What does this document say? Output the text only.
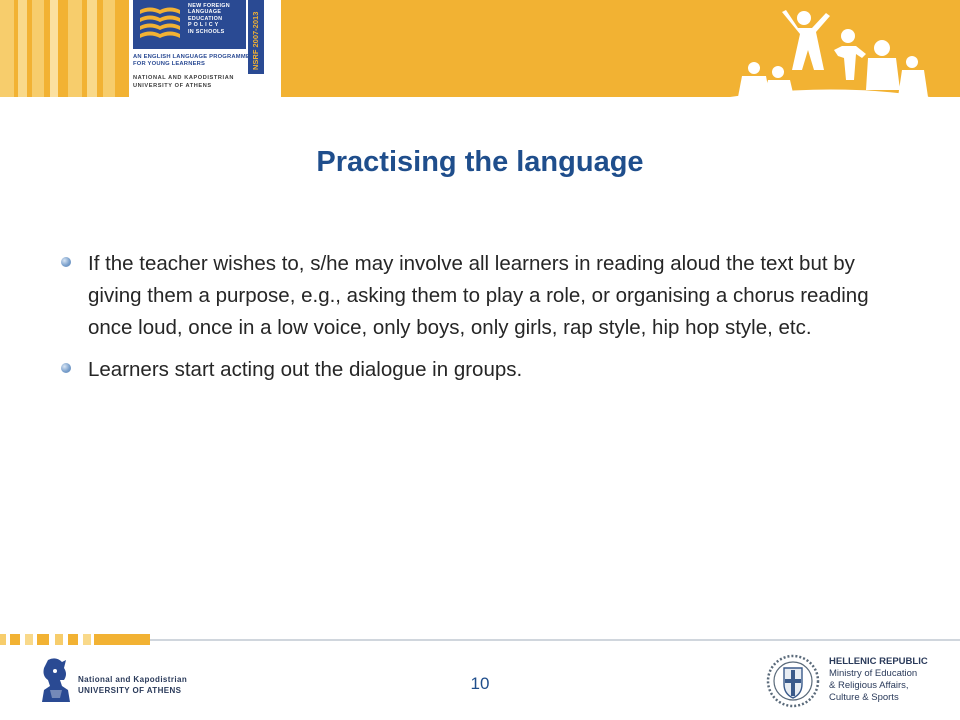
NEW FOREIGN
LANGUAGE
EDUCATION
P O L I C Y
IN SCHOOLS	NSRF 2007-2013
AN ENGLISH LANGUAGE PROGRAMME
FOR YOUNG LEARNERS
NATIONAL AND KAPODISTRIAN
UNIVERSITY OF ATHENS
Practising the language
If the teacher wishes to, s/he may involve all learners in reading aloud the text but by giving them a purpose, e.g., asking them to play a role, or organising a chorus reading once loud, once in a low voice, only boys, only girls, rap style, hip hop style, etc.
Learners start acting out the dialogue in groups.
National and Kapodistrian
UNIVERSITY OF ATHENS	10
HELLENIC REPUBLIC
Ministry of Education
& Religious Affairs,
Culture & Sports
